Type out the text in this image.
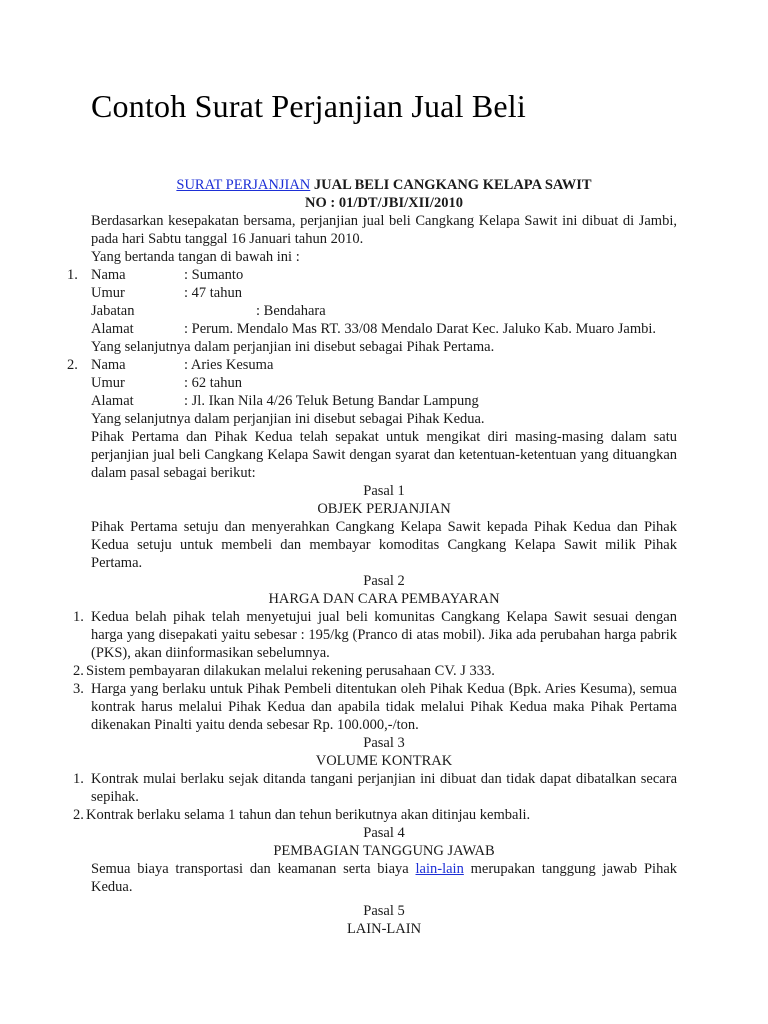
Contoh Surat Perjanjian Jual Beli
SURAT PERJANJIAN JUAL BELI CANGKANG KELAPA SAWIT
NO : 01/DT/JBI/XII/2010
Berdasarkan kesepakatan bersama, perjanjian jual beli Cangkang Kelapa Sawit ini dibuat di Jambi, pada hari Sabtu tanggal 16 Januari tahun 2010.
Yang bertanda tangan di bawah ini :
1. Nama	: Sumanto
Umur	: 47 tahun
Jabatan	: Bendahara
Alamat	: Perum. Mendalo Mas RT. 33/08 Mendalo Darat Kec. Jaluko Kab. Muaro Jambi.
Yang selanjutnya dalam perjanjian ini disebut sebagai Pihak Pertama.
2. Nama	: Aries Kesuma
Umur	: 62 tahun
Alamat	: Jl. Ikan Nila 4/26 Teluk Betung Bandar Lampung
Yang selanjutnya dalam perjanjian ini disebut sebagai Pihak Kedua.
Pihak Pertama dan Pihak Kedua telah sepakat untuk mengikat diri masing-masing dalam satu perjanjian jual beli Cangkang Kelapa Sawit dengan syarat dan ketentuan-ketentuan yang dituangkan dalam pasal sebagai berikut:
Pasal 1
OBJEK PERJANJIAN
Pihak Pertama setuju dan menyerahkan Cangkang Kelapa Sawit kepada Pihak Kedua dan Pihak Kedua setuju untuk membeli dan membayar komoditas Cangkang Kelapa Sawit milik Pihak Pertama.
Pasal 2
HARGA DAN CARA PEMBAYARAN
1. Kedua belah pihak telah menyetujui jual beli komunitas Cangkang Kelapa Sawit sesuai dengan harga yang disepakati yaitu sebesar : 195/kg (Pranco di atas mobil). Jika ada perubahan harga pabrik (PKS), akan diinformasikan sebelumnya.
2. Sistem pembayaran dilakukan melalui rekening perusahaan CV. J 333.
3. Harga yang berlaku untuk Pihak Pembeli ditentukan oleh Pihak Kedua (Bpk. Aries Kesuma), semua kontrak harus melalui Pihak Kedua dan apabila tidak melalui Pihak Kedua maka Pihak Pertama dikenakan Pinalti yaitu denda sebesar Rp. 100.000,-/ton.
Pasal 3
VOLUME KONTRAK
1. Kontrak mulai berlaku sejak ditanda tangani perjanjian ini dibuat dan tidak dapat dibatalkan secara sepihak.
2. Kontrak berlaku selama 1 tahun dan tehun berikutnya akan ditinjau kembali.
Pasal 4
PEMBAGIAN TANGGUNG JAWAB
Semua biaya transportasi dan keamanan serta biaya lain-lain merupakan tanggung jawab Pihak Kedua.
Pasal 5
LAIN-LAIN
